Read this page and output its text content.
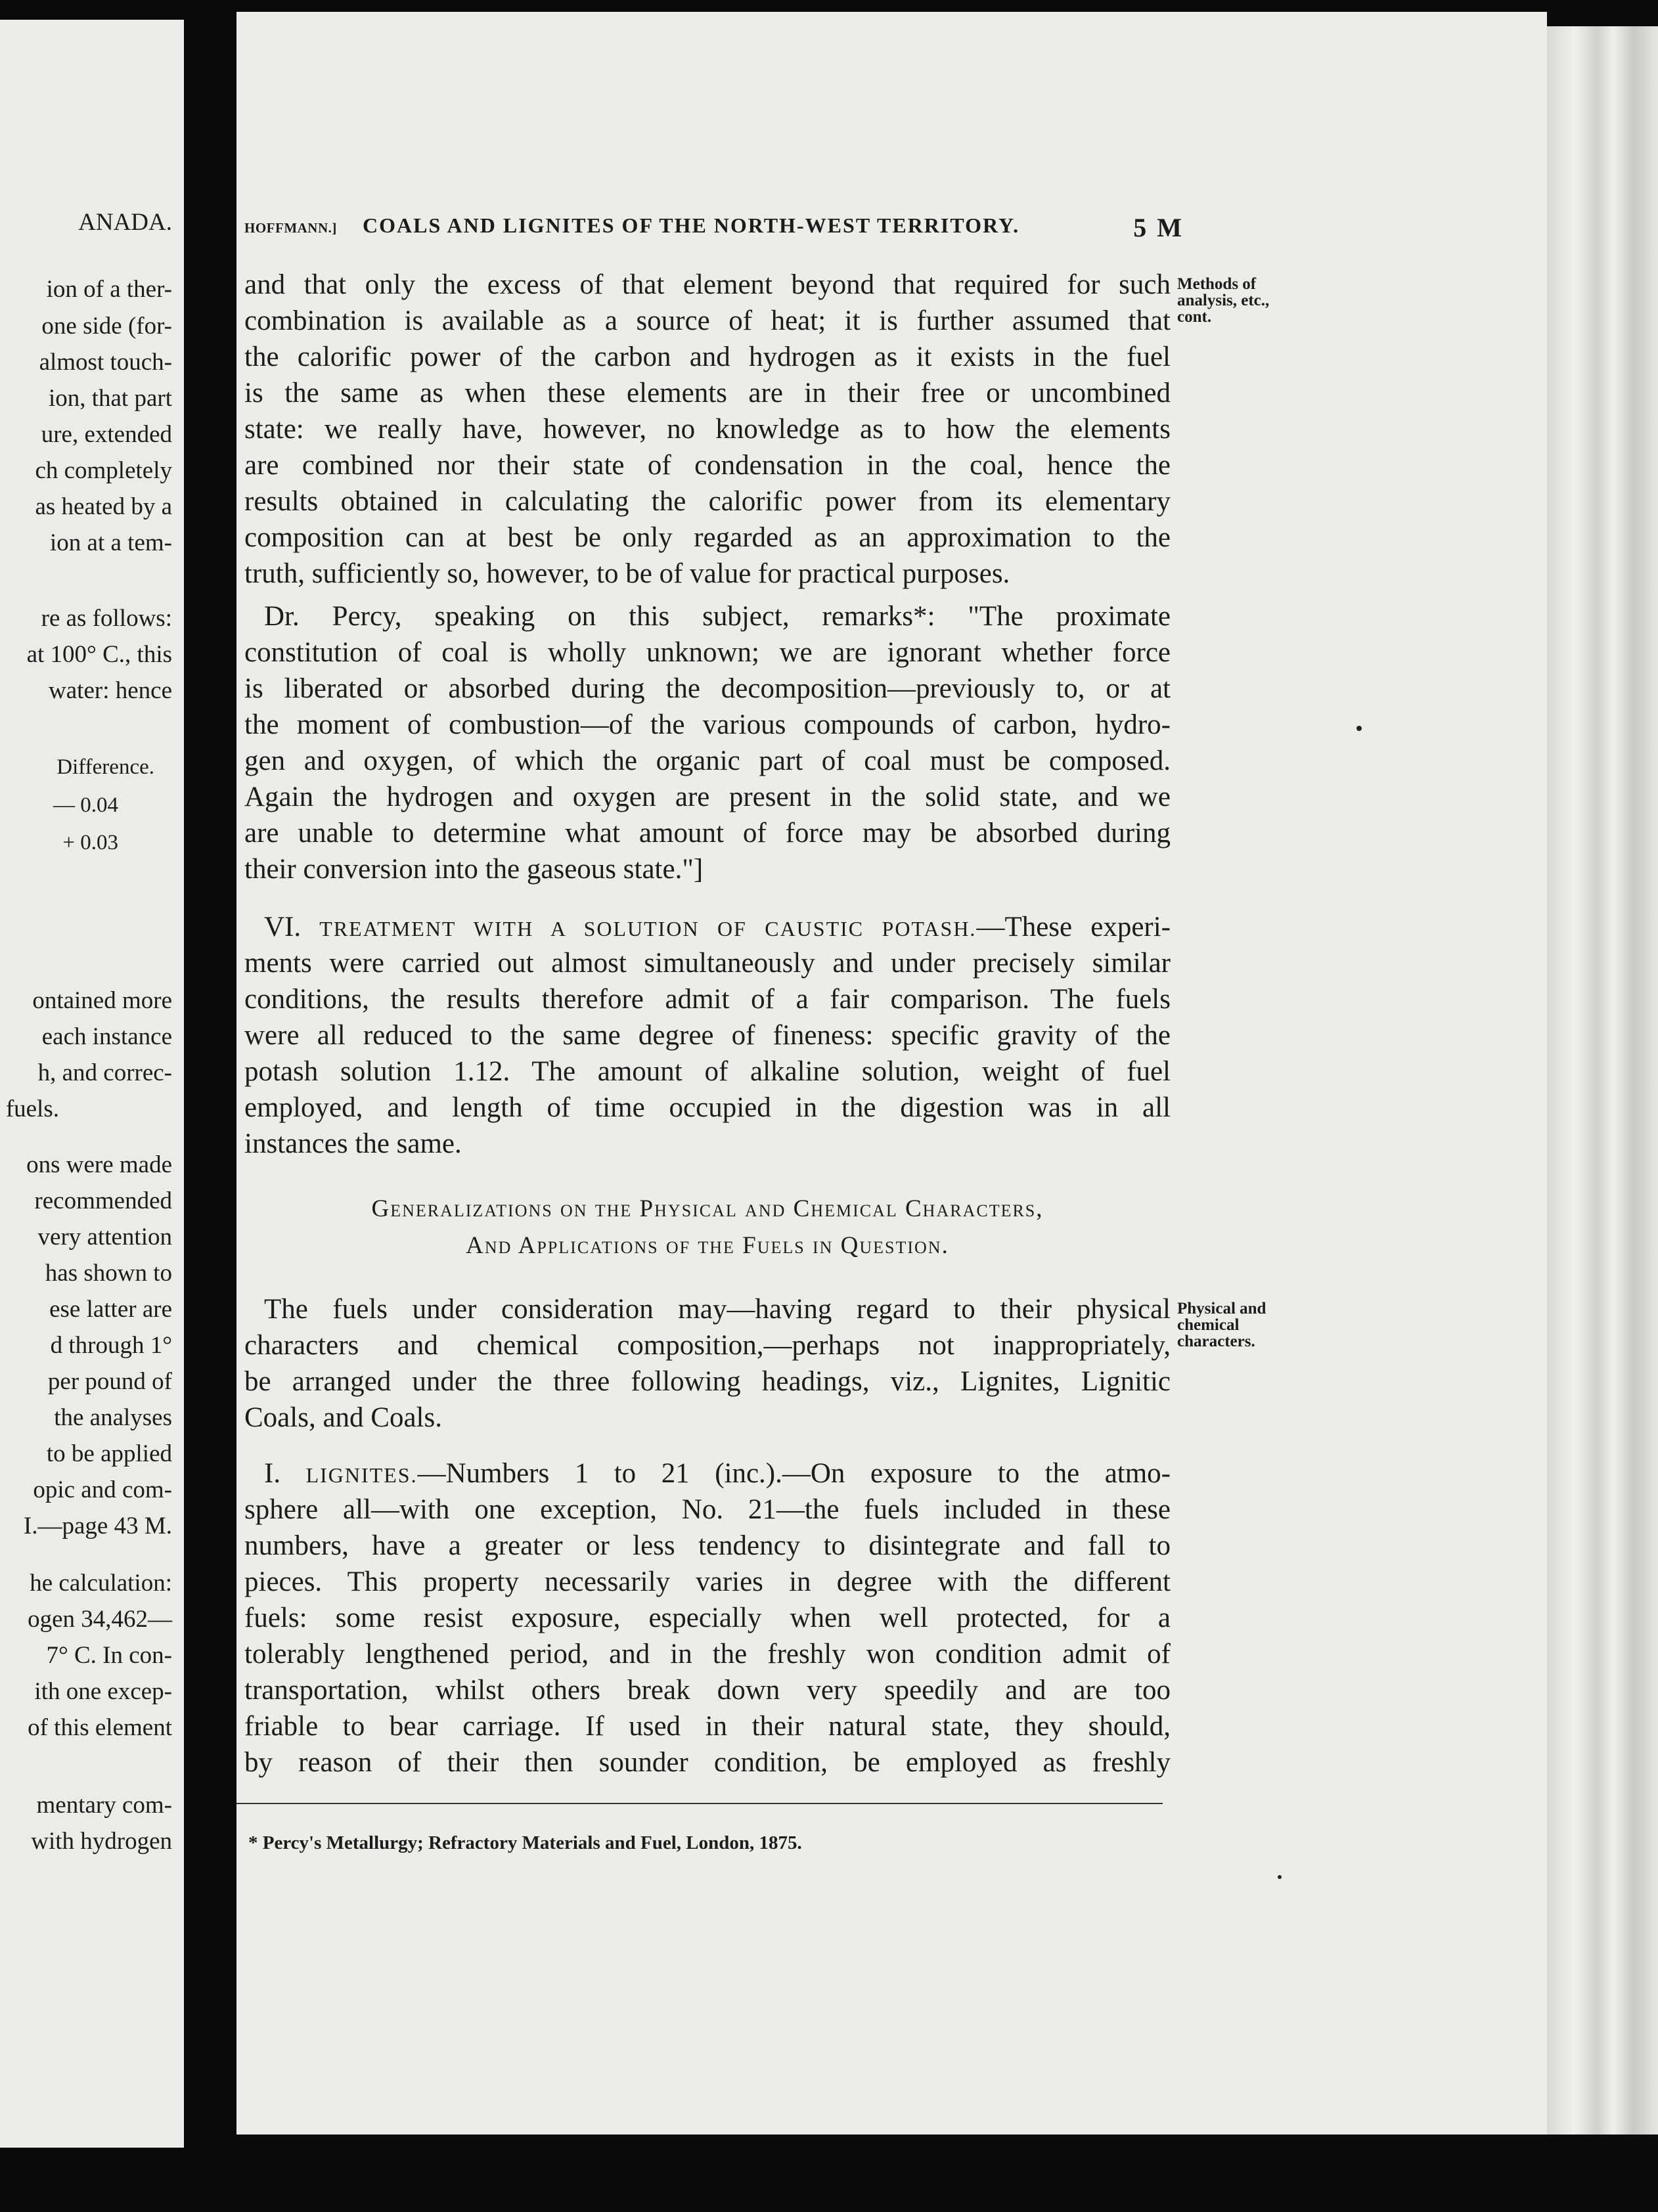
ANADA.
ion of a ther-
one side (for-
almost touch-
ion, that part
ure, extended
ch completely
as heated by a
ion at a tem-
re as follows:
at 100° C., this
water: hence
Difference.
— 0.04
+ 0.03
ontained more
each instance
h, and correc-
fuels.
ons were made
recommended
very attention
has shown to
ese latter are
d through 1°
per pound of
the analyses
to be applied
opic and com-
I.—page 43 M.
he calculation:
ogen 34,462—
7° C. In con-
ith one excep-
of this element
mentary com-
with hydrogen
HOFFMANN.] COALS AND LIGNITES OF THE NORTH-WEST TERRITORY.	5 M
and that only the excess of that element beyond that required for such
combination is available as a source of heat; it is further assumed that
the calorific power of the carbon and hydrogen as it exists in the fuel
is the same as when these elements are in their free or uncombined
state: we really have, however, no knowledge as to how the elements
are combined nor their state of condensation in the coal, hence the
results obtained in calculating the calorific power from its elementary
composition can at best be only regarded as an approximation to the
truth, sufficiently so, however, to be of value for practical purposes.
Dr. Percy, speaking on this subject, remarks*: "The proximate
constitution of coal is wholly unknown; we are ignorant whether force
is liberated or absorbed during the decomposition—previously to, or at
the moment of combustion—of the various compounds of carbon, hydro-
gen and oxygen, of which the organic part of coal must be composed.
Again the hydrogen and oxygen are present in the solid state, and we
are unable to determine what amount of force may be absorbed during
their conversion into the gaseous state."]
VI. TREATMENT WITH A SOLUTION OF CAUSTIC POTASH.—These experi-
ments were carried out almost simultaneously and under precisely similar
conditions, the results therefore admit of a fair comparison. The fuels
were all reduced to the same degree of fineness: specific gravity of the
potash solution 1.12. The amount of alkaline solution, weight of fuel
employed, and length of time occupied in the digestion was in all
instances the same.
Generalizations on the Physical and Chemical Characters,
And Applications of the Fuels in Question.
The fuels under consideration may—having regard to their physical
characters and chemical composition,—perhaps not inappropriately,
be arranged under the three following headings, viz., Lignites, Lignitic
Coals, and Coals.
I. LIGNITES.—Numbers 1 to 21 (inc.).—On exposure to the atmo-
sphere all—with one exception, No. 21—the fuels included in these
numbers, have a greater or less tendency to disintegrate and fall to
pieces. This property necessarily varies in degree with the different
fuels: some resist exposure, especially when well protected, for a
tolerably lengthened period, and in the freshly won condition admit of
transportation, whilst others break down very speedily and are too
friable to bear carriage. If used in their natural state, they should,
by reason of their then sounder condition, be employed as freshly
Methods of
analysis, etc.,
cont.
Physical and
chemical
characters.
* Percy's Metallurgy; Refractory Materials and Fuel, London, 1875.
